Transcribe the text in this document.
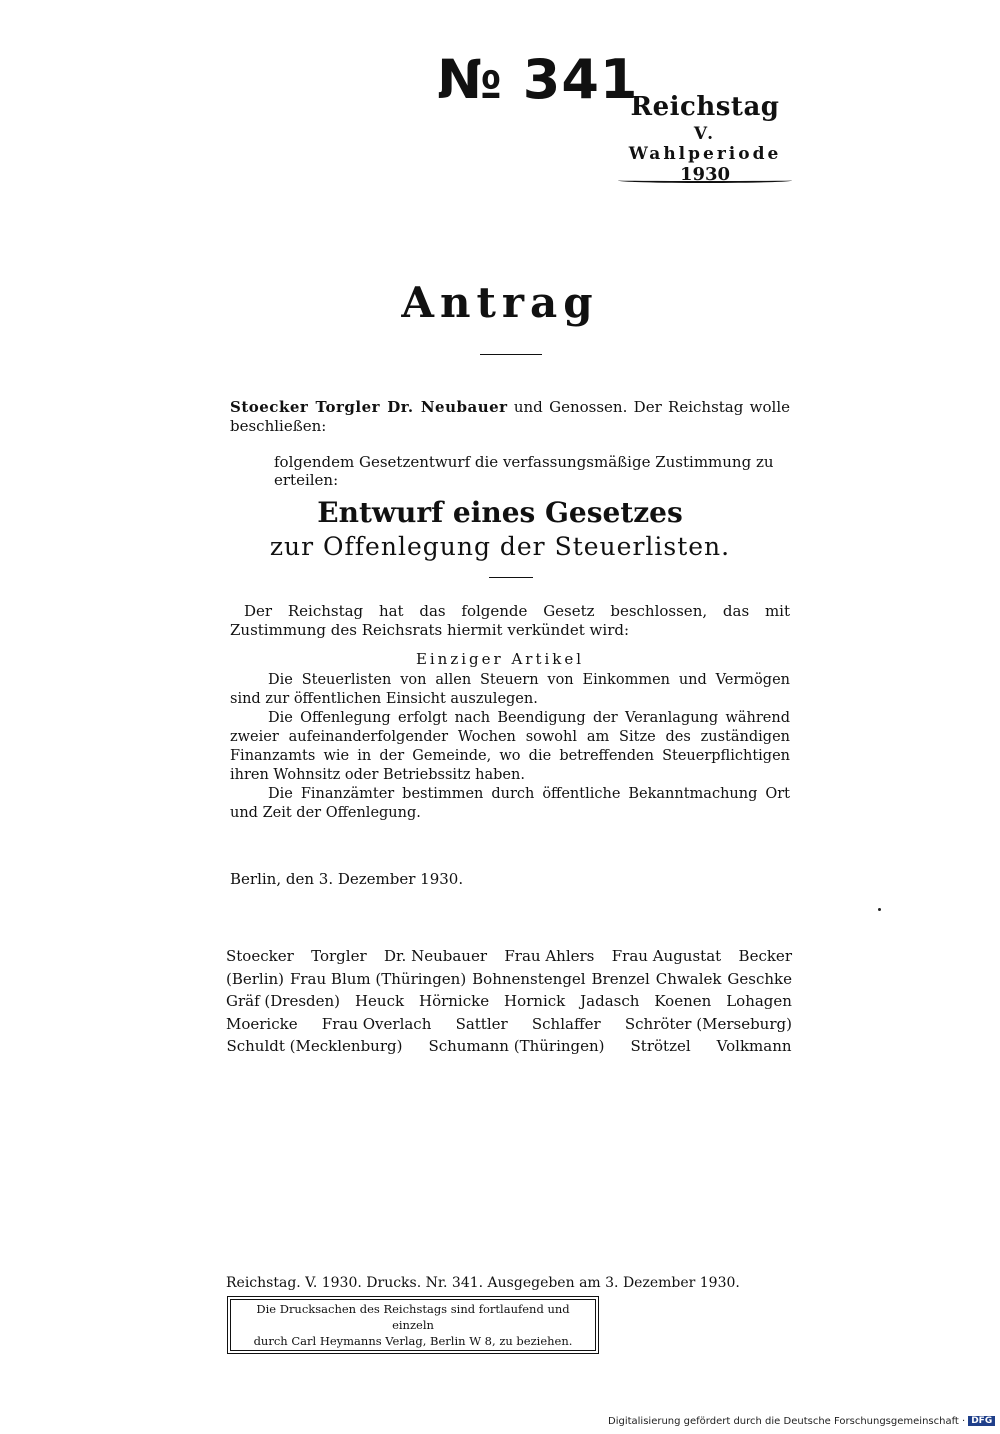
№ 341
Reichstag
V. Wahlperiode
1930
Antrag
Stoecker Torgler Dr. Neubauer und Genossen. Der Reichstag wolle beschließen:
folgendem Gesetzentwurf die verfassungsmäßige Zustimmung zu erteilen:
Entwurf eines Gesetzes
zur Offenlegung der Steuerlisten.
Der Reichstag hat das folgende Gesetz beschlossen, das mit Zustimmung des Reichsrats hiermit verkündet wird:
Einziger Artikel

Die Steuerlisten von allen Steuern von Einkommen und Vermögen sind zur öffentlichen Einsicht auszulegen.

Die Offenlegung erfolgt nach Beendigung der Veranlagung während zweier aufeinanderfolgender Wochen sowohl am Sitze des zuständigen Finanzamts wie in der Gemeinde, wo die betreffenden Steuerpflichtigen ihren Wohnsitz oder Betriebssitz haben.

Die Finanzämter bestimmen durch öffentliche Bekanntmachung Ort und Zeit der Offenlegung.

Berlin, den 3. Dezember 1930.
Stoecker Torgler Dr. Neubauer Frau Ahlers Frau Augustat Becker
(Berlin) Frau Blum (Thüringen) Bohnenstengel Brenzel Chwalek Geschke
Gräf (Dresden) Heuck Hörnicke Hornick Jadasch Koenen Lohagen
Moericke Frau Overlach Sattler Schlaffer Schröter (Merseburg)
Schuldt (Mecklenburg) Schumann (Thüringen) Strötzel Volkmann
Reichstag. V. 1930. Drucks. Nr. 341. Ausgegeben am 3. Dezember 1930.
Die Drucksachen des Reichstags sind fortlaufend und einzeln
durch Carl Heymanns Verlag, Berlin W 8, zu beziehen.
Digitalisierung gefördert durch die Deutsche Forschungsgemeinschaft · DFG
